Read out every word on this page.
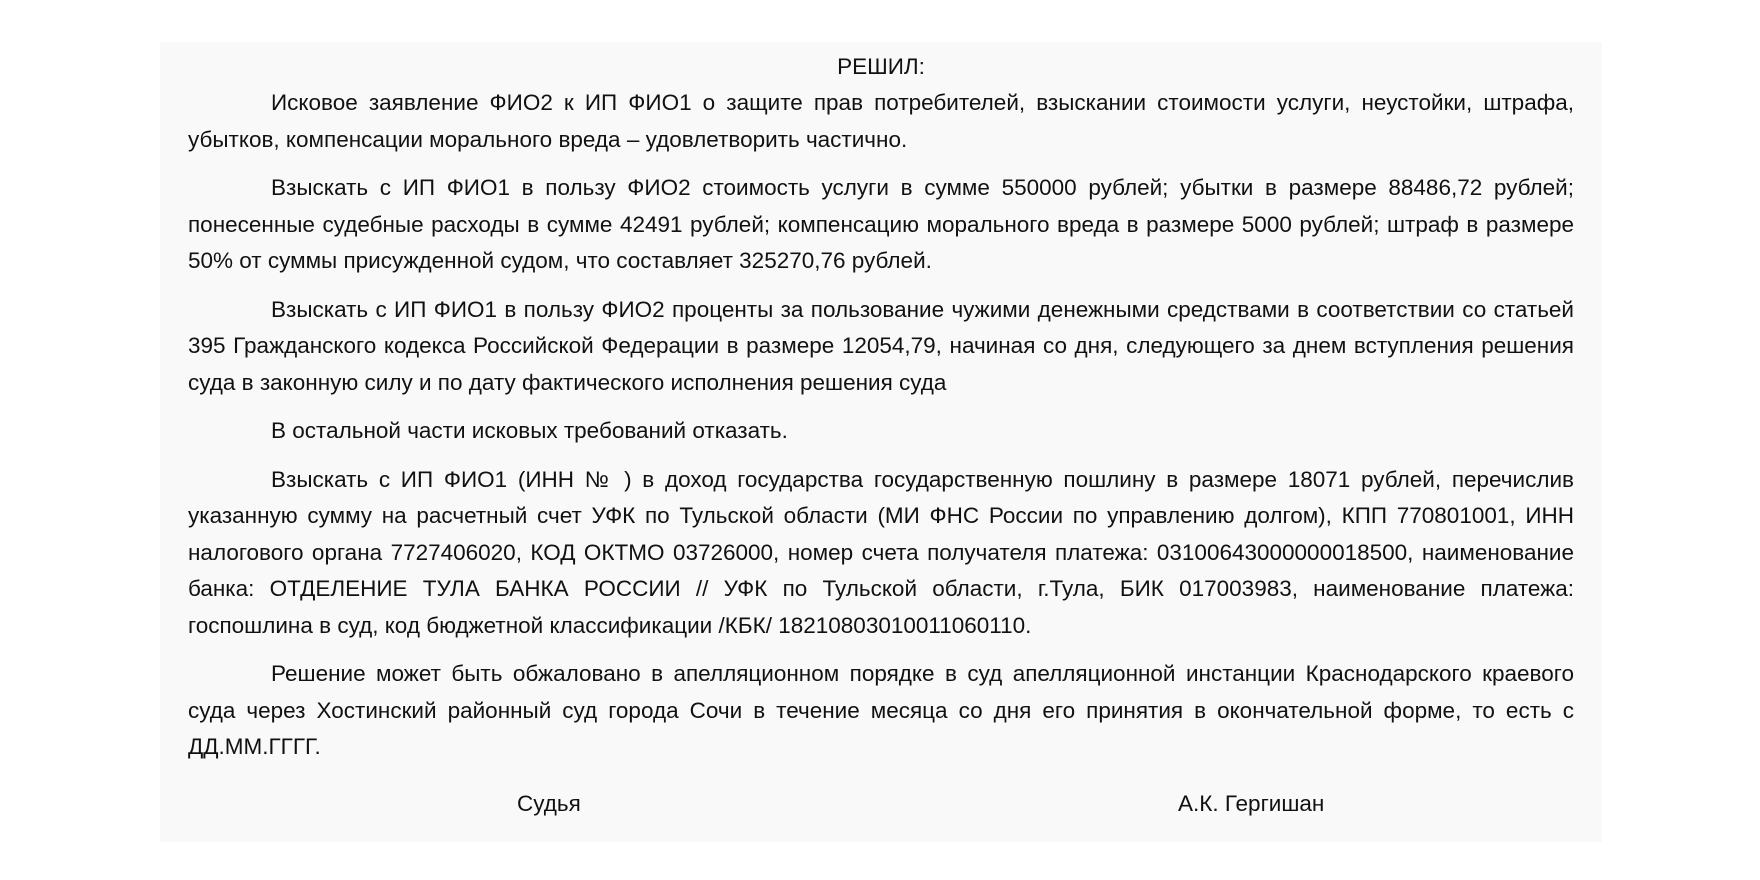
РЕШИЛ:

Исковое заявление ФИО2 к ИП ФИО1 о защите прав потребителей, взыскании стоимости услуги, неустойки, штрафа, убытков, компенсации морального вреда – удовлетворить частично.

Взыскать с ИП ФИО1 в пользу ФИО2 стоимость услуги в сумме 550000 рублей; убытки в размере 88486,72 рублей; понесенные судебные расходы в сумме 42491 рублей; компенсацию морального вреда в размере 5000 рублей; штраф в размере 50% от суммы присужденной судом, что составляет 325270,76 рублей.

Взыскать с ИП ФИО1 в пользу ФИО2 проценты за пользование чужими денежными средствами в соответствии со статьей 395 Гражданского кодекса Российской Федерации в размере 12054,79, начиная со дня, следующего за днем вступления решения суда в законную силу и по дату фактического исполнения решения суда

В остальной части исковых требований отказать.

Взыскать с ИП ФИО1 (ИНН № ) в доход государства государственную пошлину в размере 18071 рублей, перечислив указанную сумму на расчетный счет УФК по Тульской области (МИ ФНС России по управлению долгом), КПП 770801001, ИНН налогового органа 7727406020, КОД ОКТМО 03726000, номер счета получателя платежа: 03100643000000018500, наименование банка: ОТДЕЛЕНИЕ ТУЛА БАНКА РОССИИ // УФК по Тульской области, г.Тула, БИК 017003983, наименование платежа: госпошлина в суд, код бюджетной классификации /КБК/ 18210803010011060110.

Решение может быть обжаловано в апелляционном порядке в суд апелляционной инстанции Краснодарского краевого суда через Хостинский районный суд города Сочи в течение месяца со дня его принятия в окончательной форме, то есть с ДД.ММ.ГГГГ.

Судья	А.К. Гергишан
